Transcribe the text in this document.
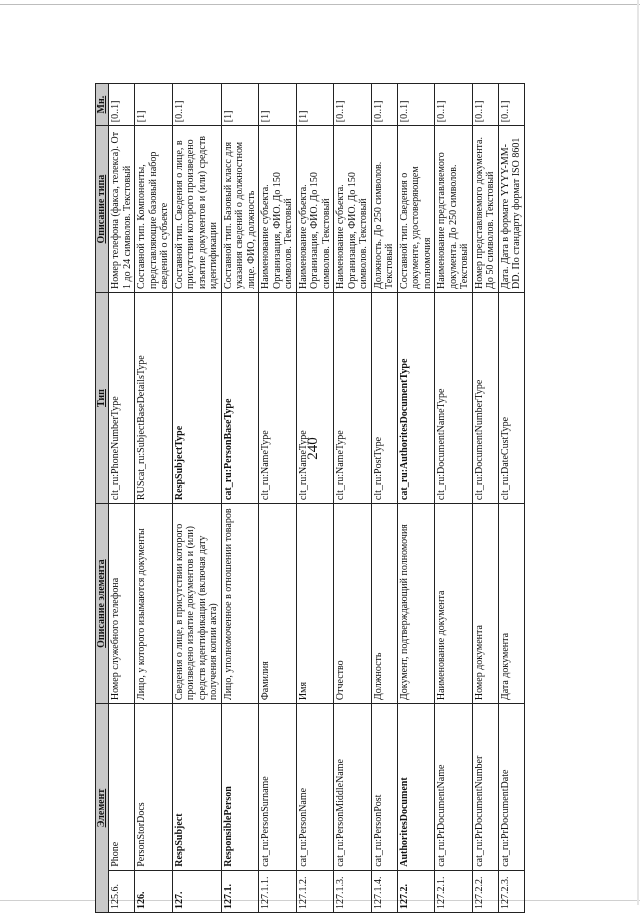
240
Элемент		Описание элемента	Тип	Описание типа	Мн.
125.6.	Phone	Номер служебного телефона	clt_ru:PhoneNumberType	Номер телефона (факса, телекса). От 1 до 24 символов. Текстовый	[0..1]
126.	PersonStorDocs	Лицо, у которого изымаются документы	RUScat_ru:SubjectBaseDetailsType	Составной тип. Компоненты, представляющие базовый набор сведений о субъекте	[1]
127.	RespSubject	Сведения о лице, в присутствии которого произведено изъятие документов и (или) средств идентификации (включая дату получения копии акта)	RespSubjectType	Составной тип. Сведения о лице, в присутствии которого произведено изъятие документов и (или) средств идентификации	[0..1]
127.1.	ResponsiblePerson	Лицо, уполномоченное в отношении товаров	cat_ru:PersonBaseType	Составной тип. Базовый класс для указания сведений о должностном лице. ФИО, должность	[1]
127.1.1.	cat_ru:PersonSurname	Фамилия	clt_ru:NameType	Наименование субъекта. Организация, ФИО. До 150 символов. Текстовый	[1]
127.1.2.	cat_ru:PersonName	Имя	clt_ru:NameType	Наименование субъекта. Организация, ФИО. До 150 символов. Текстовый	[1]
127.1.3.	cat_ru:PersonMiddleName	Отчество	clt_ru:NameType	Наименование субъекта. Организация, ФИО. До 150 символов. Текстовый	[0..1]
127.1.4.	cat_ru:PersonPost	Должность	clt_ru:PostType	Должность. До 250 символов. Текстовый	[0..1]
127.2.	AuthoritesDocument	Документ, подтверждающий полномочия	cat_ru:AuthoritesDocumentType	Составной тип. Сведения о документе, удостоверяющем полномочия	[0..1]
127.2.1.	cat_ru:PrDocumentName	Наименование документа	clt_ru:DocumentNameType	Наименование представляемого документа. До 250 символов. Текстовый	[0..1]
127.2.2.	cat_ru:PrDocumentNumber	Номер документа	clt_ru:DocumentNumberType	Номер представляемого документа. До 50 символов. Текстовый	[0..1]
127.2.3.	cat_ru:PrDocumentDate	Дата документа	clt_ru:DateCustType	Дата. Дата в формате YYYY-MM-DD. По стандарту формат ISO 8601	[0..1]
